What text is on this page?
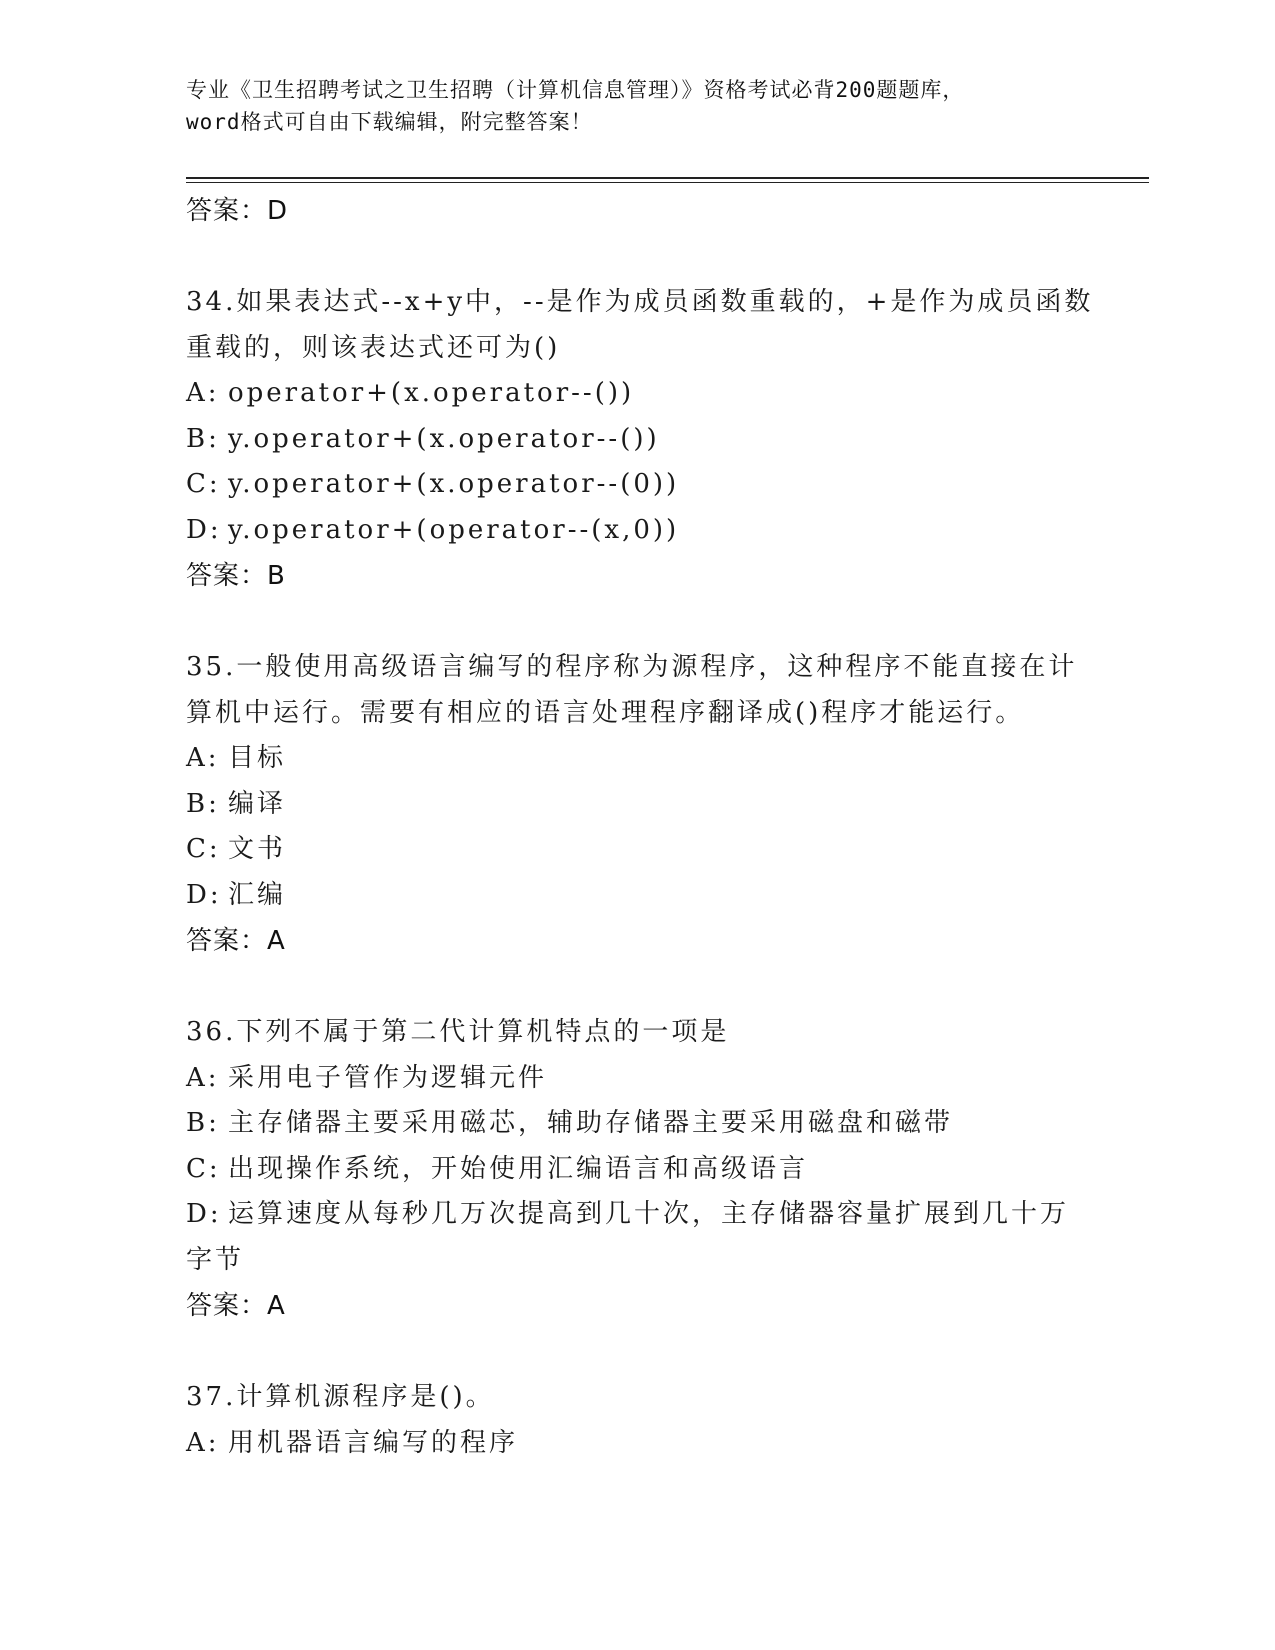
专业《卫生招聘考试之卫生招聘（计算机信息管理）》资格考试必背200题题库，
word格式可自由下载编辑，附完整答案！
答案：D
34.如果表达式--x+y中，--是作为成员函数重载的，+是作为成员函数
重载的，则该表达式还可为()
A: operator+(x.operator--())
B: y.operator+(x.operator--())
C: y.operator+(x.operator--(0))
D: y.operator+(operator--(x,0))
答案：B
35.一般使用高级语言编写的程序称为源程序，这种程序不能直接在计
算机中运行。需要有相应的语言处理程序翻译成()程序才能运行。
A: 目标
B: 编译
C: 文书
D: 汇编
答案：A
36.下列不属于第二代计算机特点的一项是
A: 采用电子管作为逻辑元件
B: 主存储器主要采用磁芯，辅助存储器主要采用磁盘和磁带
C: 出现操作系统，开始使用汇编语言和高级语言
D: 运算速度从每秒几万次提高到几十次，主存储器容量扩展到几十万
字节
答案：A
37.计算机源程序是()。
A: 用机器语言编写的程序
